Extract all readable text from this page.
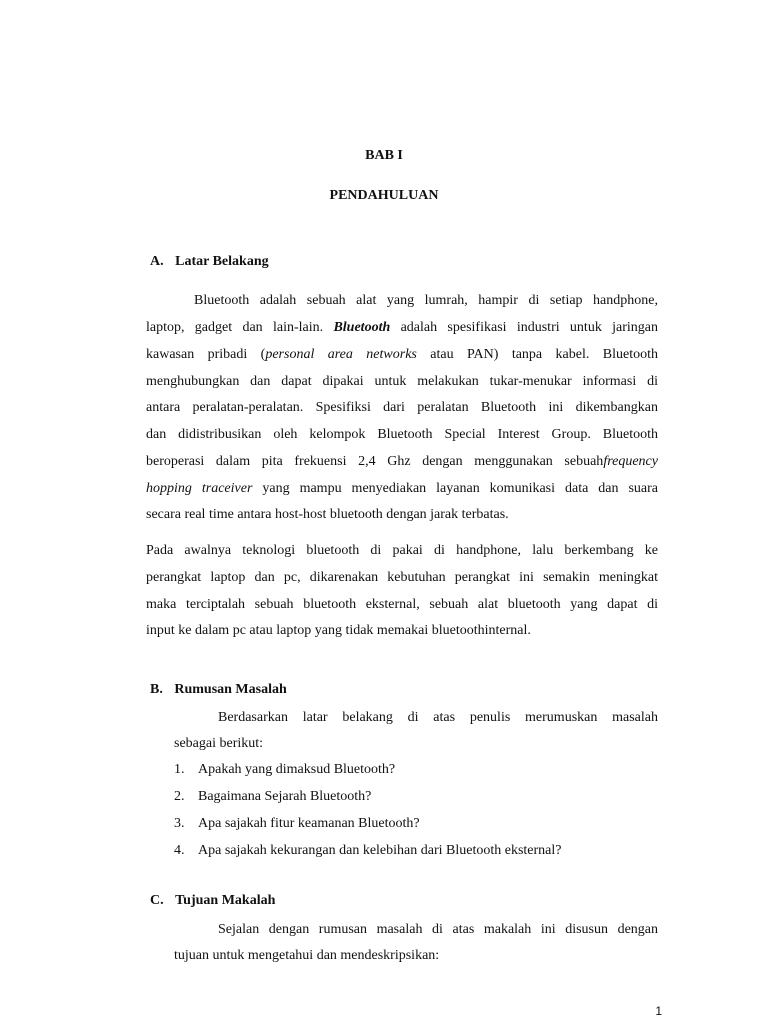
BAB I
PENDAHULUAN
A. Latar Belakang
Bluetooth adalah sebuah alat yang lumrah, hampir di setiap handphone,
laptop, gadget dan lain-lain. Bluetooth adalah spesifikasi industri untuk jaringan
kawasan pribadi (personal area networks atau PAN) tanpa kabel. Bluetooth
menghubungkan dan dapat dipakai untuk melakukan tukar-menukar informasi di
antara peralatan-peralatan. Spesifiksi dari peralatan Bluetooth ini dikembangkan
dan didistribusikan oleh kelompok Bluetooth Special Interest Group. Bluetooth
beroperasi dalam pita frekuensi 2,4 Ghz dengan menggunakan sebuahfrequency
hopping traceiver yang mampu menyediakan layanan komunikasi data dan suara
secara real time antara host-host bluetooth dengan jarak terbatas.
Pada awalnya teknologi bluetooth di pakai di handphone, lalu berkembang ke
perangkat laptop dan pc, dikarenakan kebutuhan perangkat ini semakin meningkat
maka terciptalah sebuah bluetooth eksternal, sebuah alat bluetooth yang dapat di
input ke dalam pc atau laptop yang tidak memakai bluetoothinternal.
B. Rumusan Masalah
Berdasarkan latar belakang di atas penulis merumuskan masalah
sebagai berikut:
1. Apakah yang dimaksud Bluetooth?
2. Bagaimana Sejarah Bluetooth?
3. Apa sajakah fitur keamanan Bluetooth?
4. Apa sajakah kekurangan dan kelebihan dari Bluetooth eksternal?
C. Tujuan Makalah
Sejalan dengan rumusan masalah di atas makalah ini disusun dengan
tujuan untuk mengetahui dan mendeskripsikan:
1
